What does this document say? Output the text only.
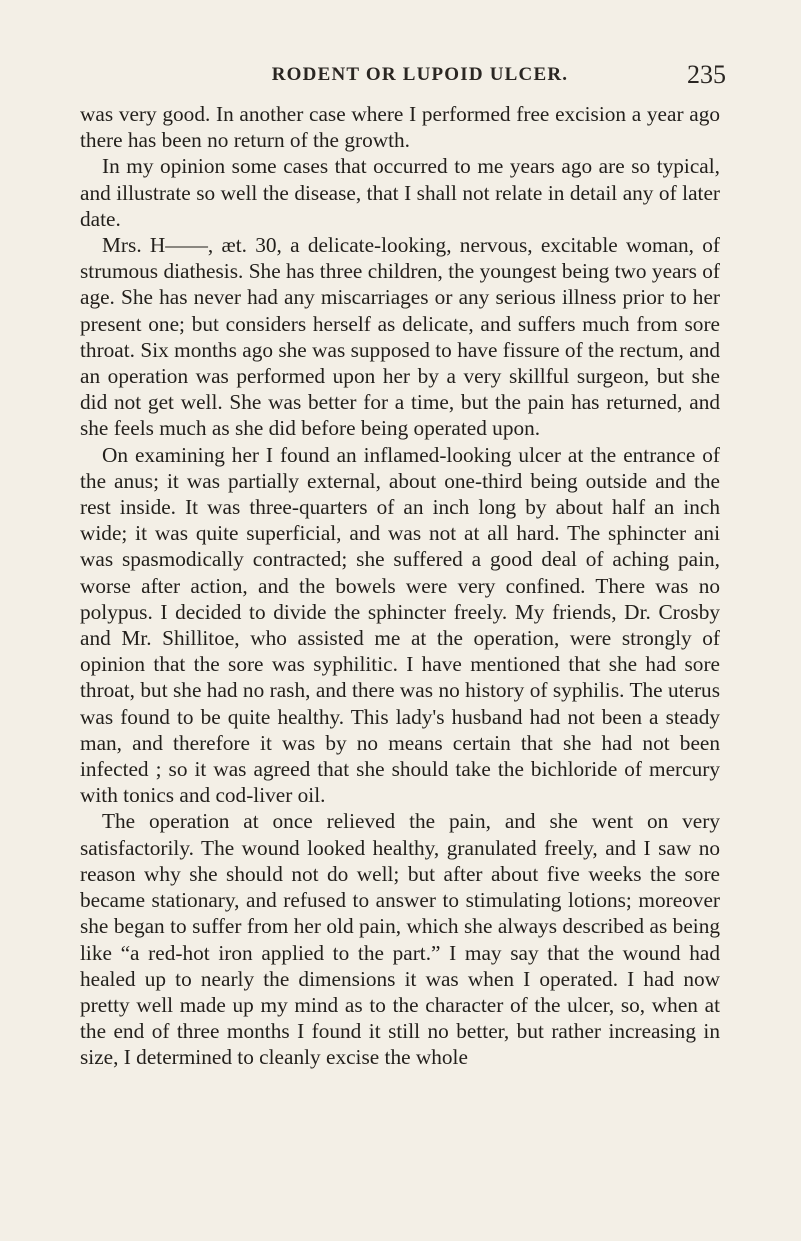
RODENT OR LUPOID ULCER.	235

was very good. In another case where I performed free excision a year ago there has been no return of the growth.

In my opinion some cases that occurred to me years ago are so typical, and illustrate so well the disease, that I shall not relate in detail any of later date.

Mrs. H——, æt. 30, a delicate-looking, nervous, excitable woman, of strumous diathesis. She has three children, the youngest being two years of age. She has never had any miscarriages or any serious illness prior to her present one; but considers herself as delicate, and suffers much from sore throat. Six months ago she was supposed to have fissure of the rectum, and an operation was performed upon her by a very skillful surgeon, but she did not get well. She was better for a time, but the pain has returned, and she feels much as she did before being operated upon.

On examining her I found an inflamed-looking ulcer at the entrance of the anus; it was partially external, about one-third being outside and the rest inside. It was three-quarters of an inch long by about half an inch wide; it was quite superficial, and was not at all hard. The sphincter ani was spasmodically contracted; she suffered a good deal of aching pain, worse after action, and the bowels were very confined. There was no polypus. I decided to divide the sphincter freely. My friends, Dr. Crosby and Mr. Shillitoe, who assisted me at the operation, were strongly of opinion that the sore was syphilitic. I have mentioned that she had sore throat, but she had no rash, and there was no history of syphilis. The uterus was found to be quite healthy. This lady's husband had not been a steady man, and therefore it was by no means certain that she had not been infected ; so it was agreed that she should take the bichloride of mercury with tonics and cod-liver oil.

The operation at once relieved the pain, and she went on very satisfactorily. The wound looked healthy, granulated freely, and I saw no reason why she should not do well; but after about five weeks the sore became stationary, and refused to answer to stimulating lotions; moreover she began to suffer from her old pain, which she always described as being like “a red-hot iron applied to the part.” I may say that the wound had healed up to nearly the dimensions it was when I operated. I had now pretty well made up my mind as to the character of the ulcer, so, when at the end of three months I found it still no better, but rather increasing in size, I determined to cleanly excise the whole
